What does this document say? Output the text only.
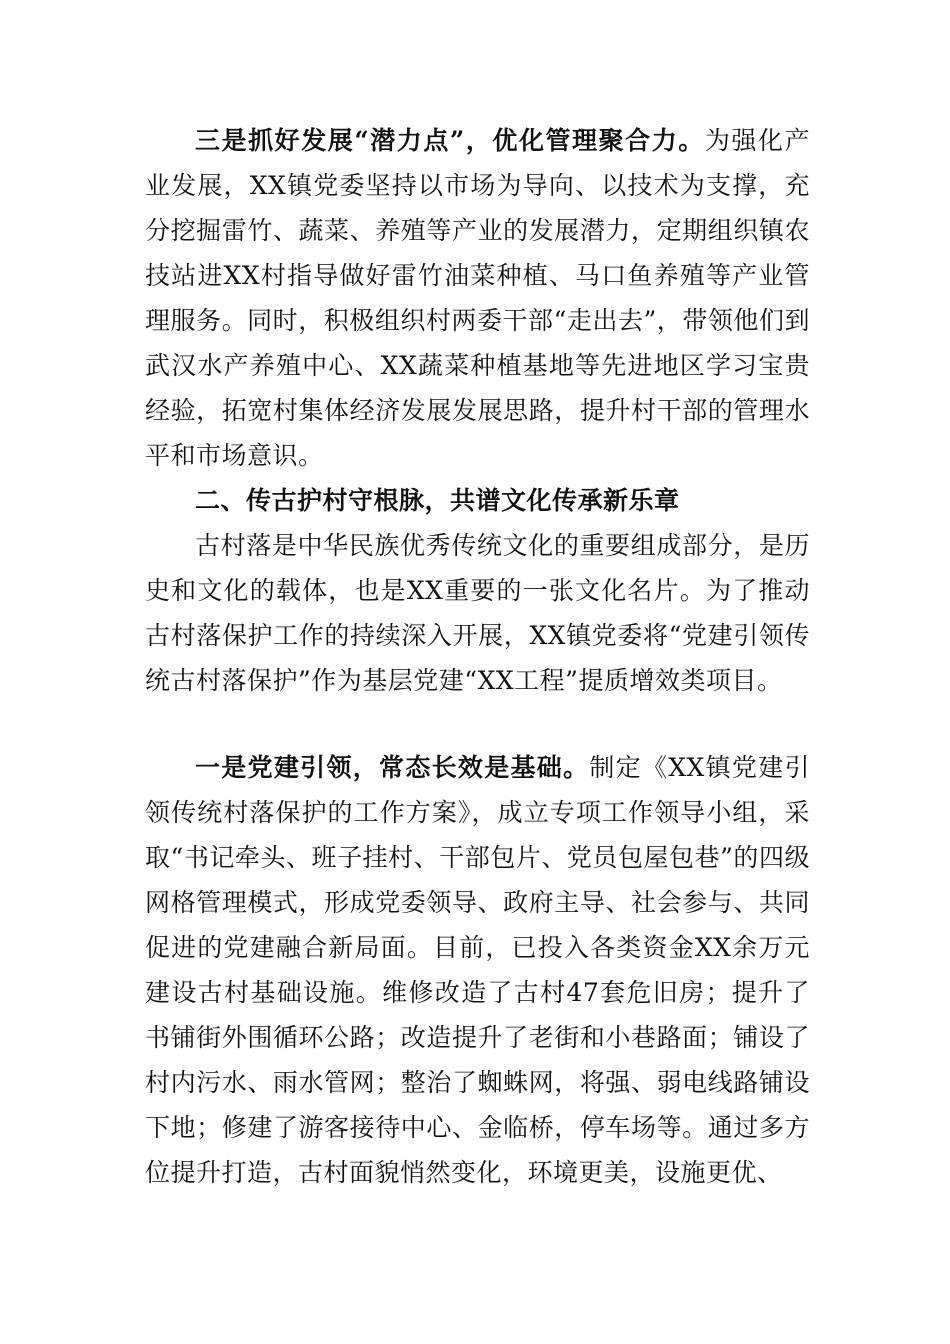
三是抓好发展“潜力点”，优化管理聚合力。为强化产业发展，XX镇党委坚持以市场为导向、以技术为支撑，充分挖掘雷竹、蔬菜、养殖等产业的发展潜力，定期组织镇农技站进XX村指导做好雷竹油菜种植、马口鱼养殖等产业管理服务。同时，积极组织村两委干部“走出去”，带领他们到武汉水产养殖中心、XX蔬菜种植基地等先进地区学习宝贵经验，拓宽村集体经济发展发展思路，提升村干部的管理水平和市场意识。

二、传古护村守根脉，共谱文化传承新乐章

古村落是中华民族优秀传统文化的重要组成部分，是历史和文化的载体，也是XX重要的一张文化名片。为了推动古村落保护工作的持续深入开展，XX镇党委将“党建引领传统古村落保护”作为基层党建“XX工程”提质增效类项目。

一是党建引领，常态长效是基础。制定《XX镇党建引领传统村落保护的工作方案》，成立专项工作领导小组，采取“书记牵头、班子挂村、干部包片、党员包屋包巷”的四级网格管理模式，形成党委领导、政府主导、社会参与、共同促进的党建融合新局面。目前，已投入各类资金XX余万元建设古村基础设施。维修改造了古村47套危旧房；提升了书铺街外围循环公路；改造提升了老街和小巷路面；铺设了村内污水、雨水管网；整治了蜘蛛网，将强、弱电线路铺设下地；修建了游客接待中心、金临桥，停车场等。通过多方位提升打造，古村面貌悄然变化，环境更美，设施更优、
